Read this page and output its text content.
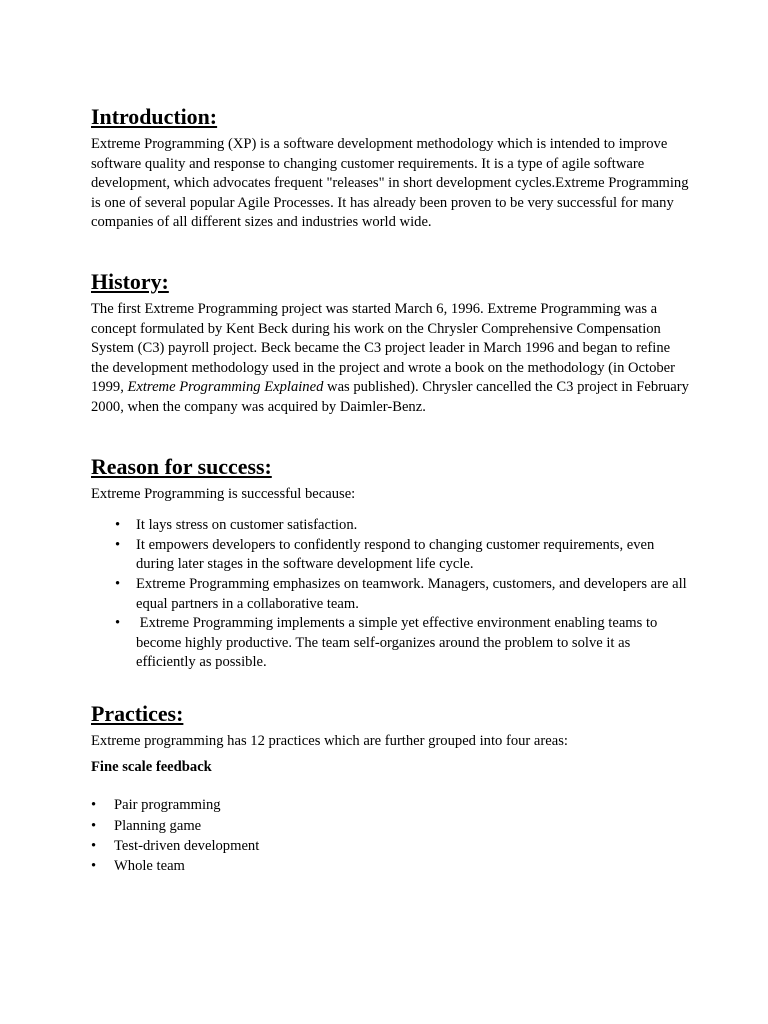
Introduction:

Extreme Programming (XP) is a software development methodology which is intended to improve software quality and response to changing customer requirements. It is a type of agile software development, which advocates frequent "releases" in short development cycles.Extreme Programming is one of several popular Agile Processes. It has already been proven to be very successful for many companies of all different sizes and industries world wide.

History:

The first Extreme Programming project was started March 6, 1996. Extreme Programming was a concept formulated by Kent Beck during his work on the Chrysler Comprehensive Compensation System (C3) payroll project. Beck became the C3 project leader in March 1996 and began to refine the development methodology used in the project and wrote a book on the methodology (in October 1999, Extreme Programming Explained was published). Chrysler cancelled the C3 project in February 2000, when the company was acquired by Daimler-Benz.

Reason for success:

Extreme Programming is successful because:

• It lays stress on customer satisfaction.
• It empowers developers to confidently respond to changing customer requirements, even during later stages in the software development life cycle.
• Extreme Programming emphasizes on teamwork. Managers, customers, and developers are all equal partners in a collaborative team.
• Extreme Programming implements a simple yet effective environment enabling teams to become highly productive. The team self-organizes around the problem to solve it as efficiently as possible.
Practices:

Extreme programming has 12 practices which are further grouped into four areas:

Fine scale feedback
• Pair programming
• Planning game
• Test-driven development
• Whole team
